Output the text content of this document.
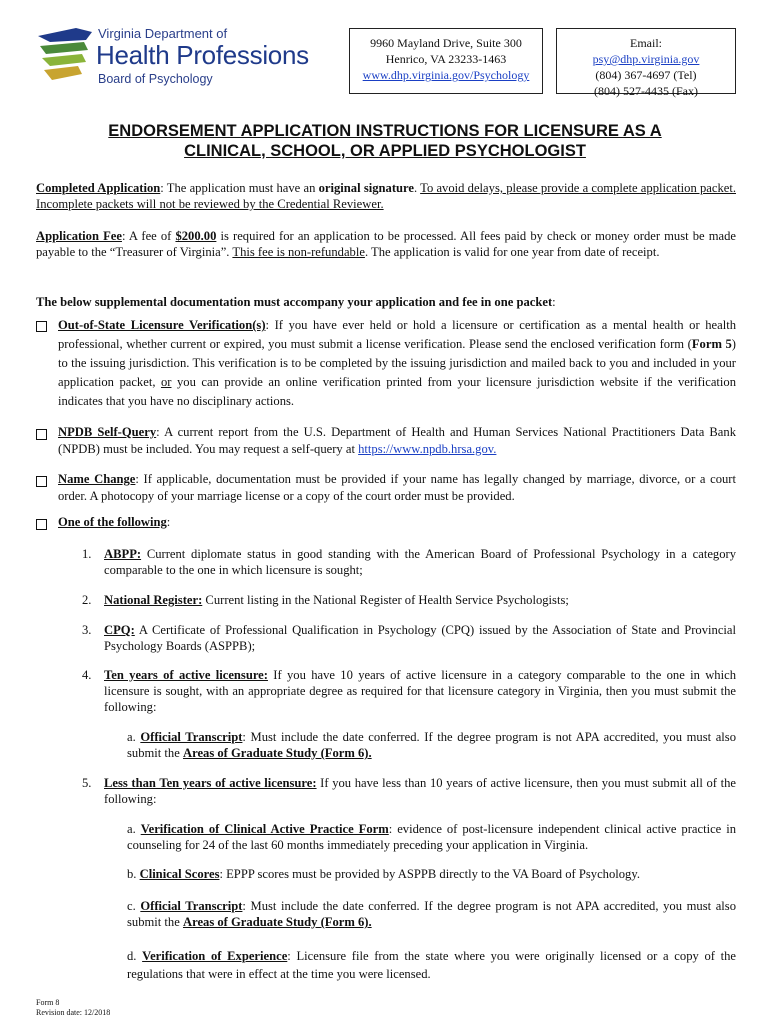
Virginia Department of
Health Professions
Board of Psychology
9960 Mayland Drive, Suite 300
Henrico, VA 23233-1463
www.dhp.virginia.gov/Psychology
Email:
psy@dhp.virginia.gov
(804) 367-4697 (Tel)
(804) 527-4435 (Fax)
ENDORSEMENT APPLICATION INSTRUCTIONS FOR LICENSURE AS A
CLINICAL, SCHOOL, OR APPLIED PSYCHOLOGIST
Completed Application: The application must have an original signature. To avoid delays, please provide a complete application packet. Incomplete packets will not be reviewed by the Credential Reviewer.
Application Fee: A fee of $200.00 is required for an application to be processed. All fees paid by check or money order must be made payable to the “Treasurer of Virginia”. This fee is non-refundable. The application is valid for one year from date of receipt.
The below supplemental documentation must accompany your application and fee in one packet:
Out-of-State Licensure Verification(s): If you have ever held or hold a licensure or certification as a mental health or health professional, whether current or expired, you must submit a license verification. Please send the enclosed verification form (Form 5) to the issuing jurisdiction. This verification is to be completed by the issuing jurisdiction and mailed back to you and included in your application packet, or you can provide an online verification printed from your licensure jurisdiction website if the verification indicates that you have no disciplinary actions.
NPDB Self-Query: A current report from the U.S. Department of Health and Human Services National Practitioners Data Bank (NPDB) must be included. You may request a self-query at https://www.npdb.hrsa.gov.
Name Change: If applicable, documentation must be provided if your name has legally changed by marriage, divorce, or a court order. A photocopy of your marriage license or a copy of the court order must be provided.
One of the following:
1. ABPP: Current diplomate status in good standing with the American Board of Professional Psychology in a category comparable to the one in which licensure is sought;
2. National Register: Current listing in the National Register of Health Service Psychologists;
3. CPQ: A Certificate of Professional Qualification in Psychology (CPQ) issued by the Association of State and Provincial Psychology Boards (ASPPB);
4. Ten years of active licensure: If you have 10 years of active licensure in a category comparable to the one in which licensure is sought, with an appropriate degree as required for that licensure category in Virginia, then you must submit the following:
a. Official Transcript: Must include the date conferred. If the degree program is not APA accredited, you must also submit the Areas of Graduate Study (Form 6).
5. Less than Ten years of active licensure: If you have less than 10 years of active licensure, then you must submit all of the following:
a. Verification of Clinical Active Practice Form: evidence of post-licensure independent clinical active practice in counseling for 24 of the last 60 months immediately preceding your application in Virginia.
b. Clinical Scores: EPPP scores must be provided by ASPPB directly to the VA Board of Psychology.
c. Official Transcript: Must include the date conferred. If the degree program is not APA accredited, you must also submit the Areas of Graduate Study (Form 6).
d. Verification of Experience: Licensure file from the state where you were originally licensed or a copy of the regulations that were in effect at the time you were licensed.
Form 8
Revision date: 12/2018
